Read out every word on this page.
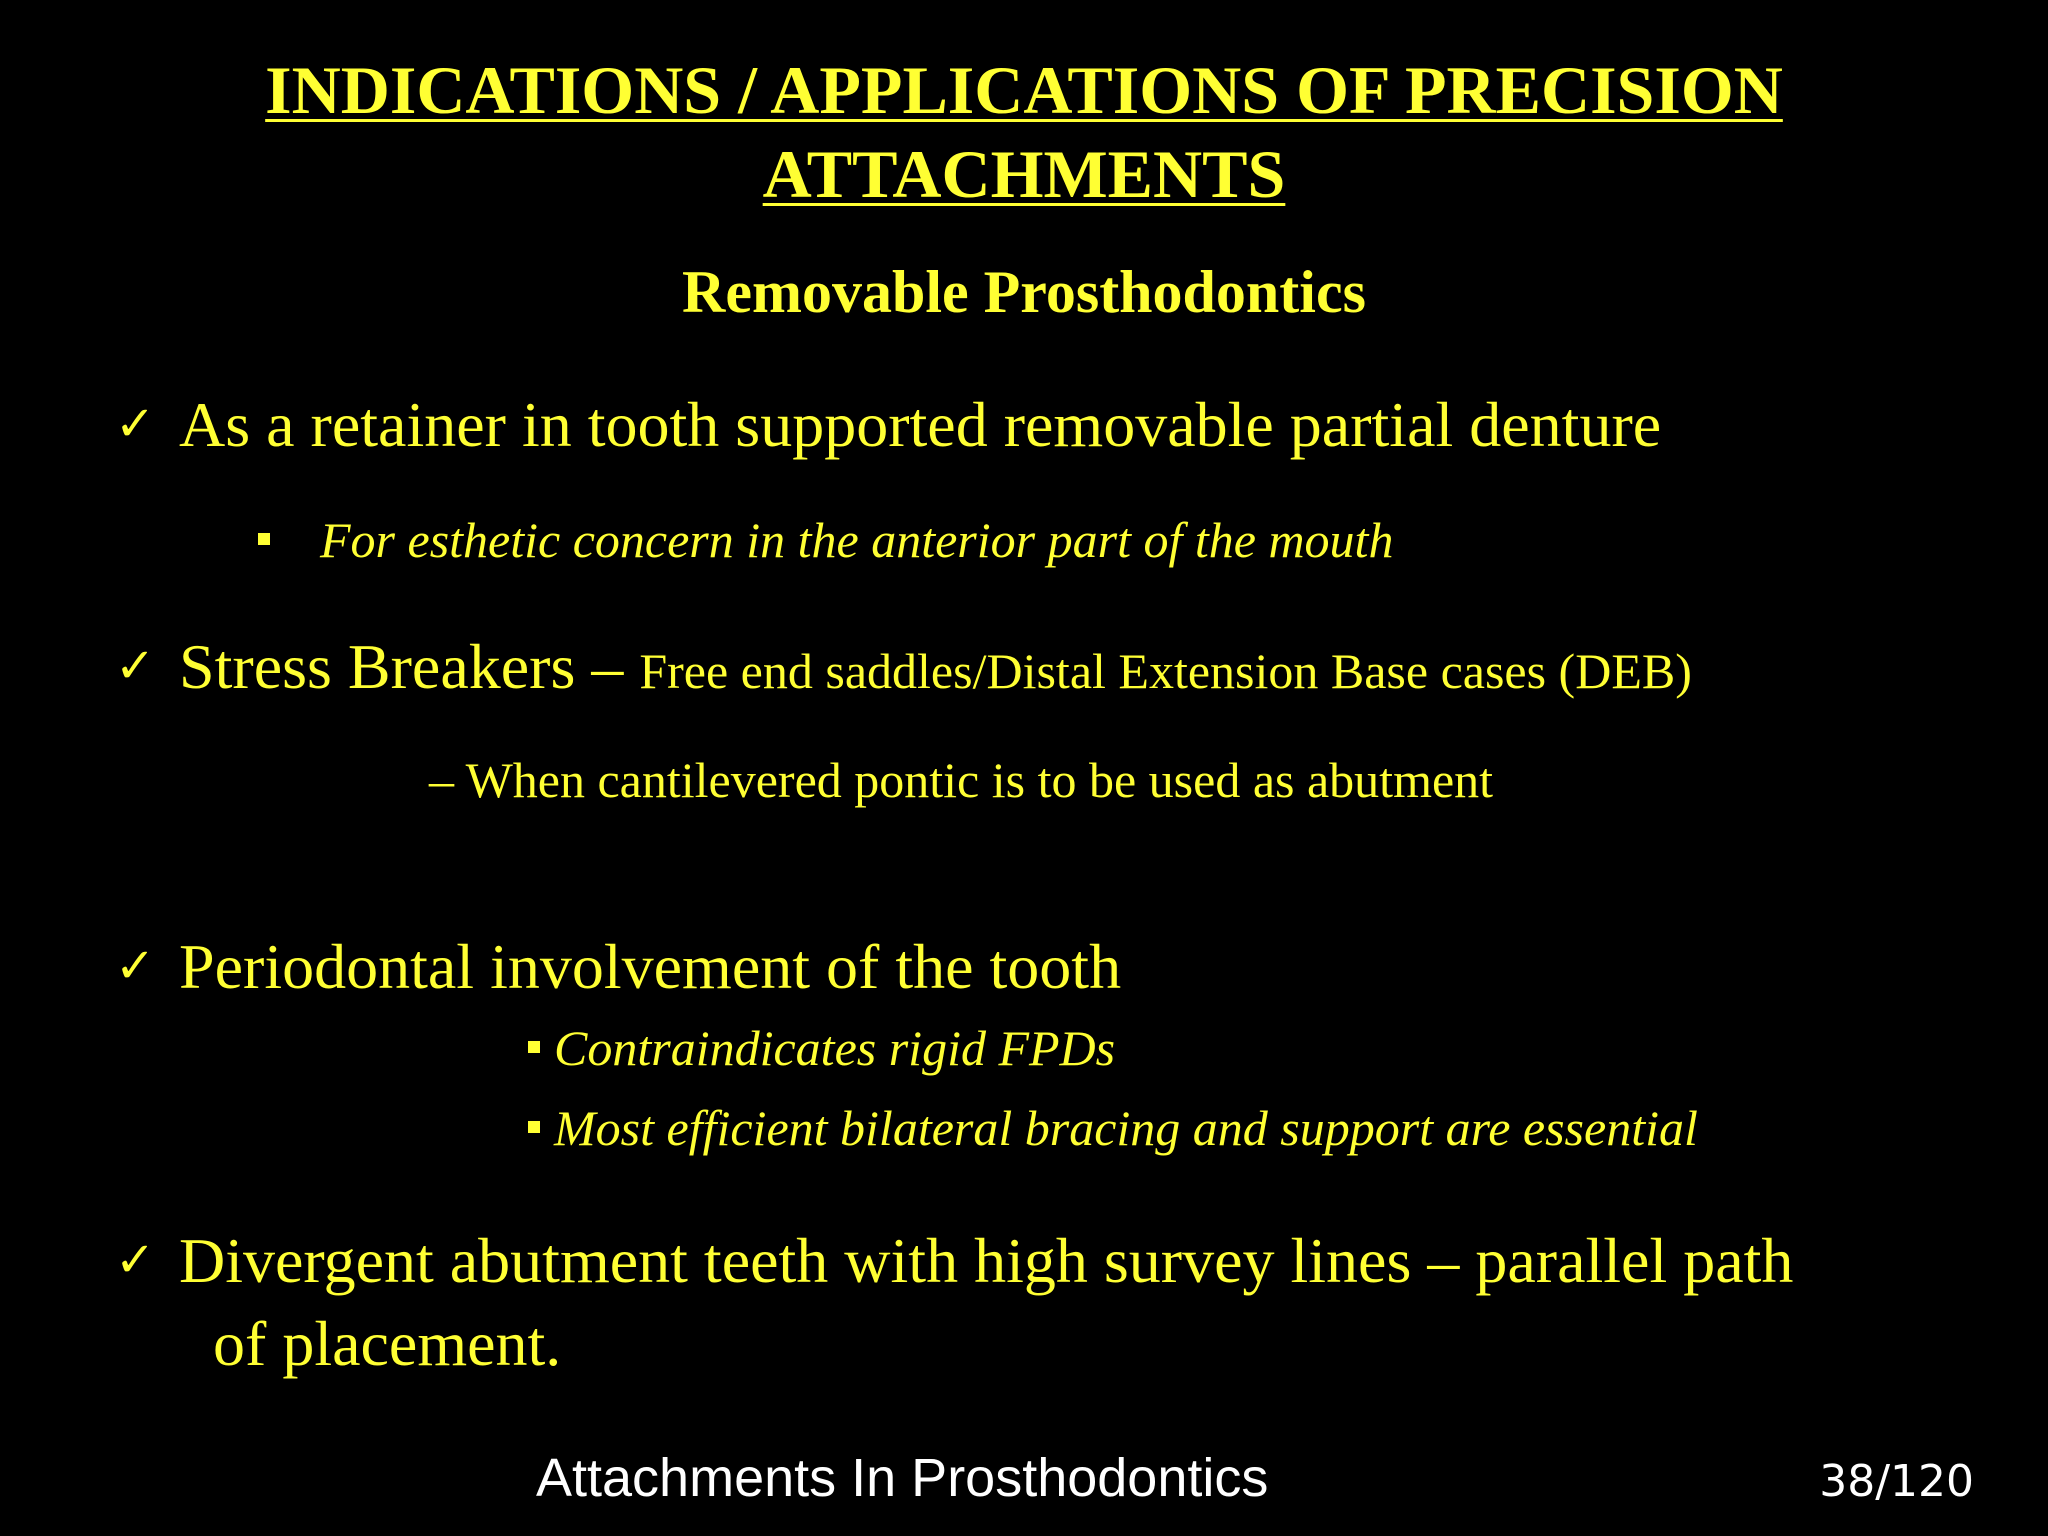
INDICATIONS / APPLICATIONS OF PRECISION
ATTACHMENTS
Removable Prosthodontics
✓ As a retainer in tooth supported removable partial denture
For esthetic concern in the anterior part of the mouth
✓ Stress Breakers – Free end saddles/Distal Extension Base cases (DEB)
– When cantilevered pontic is to be used as abutment
✓ Periodontal involvement of the tooth
Contraindicates rigid FPDs
Most efficient bilateral bracing and support are essential
✓ Divergent abutment teeth with high survey lines – parallel path
of placement.
Attachments In Prosthodontics	38/120
